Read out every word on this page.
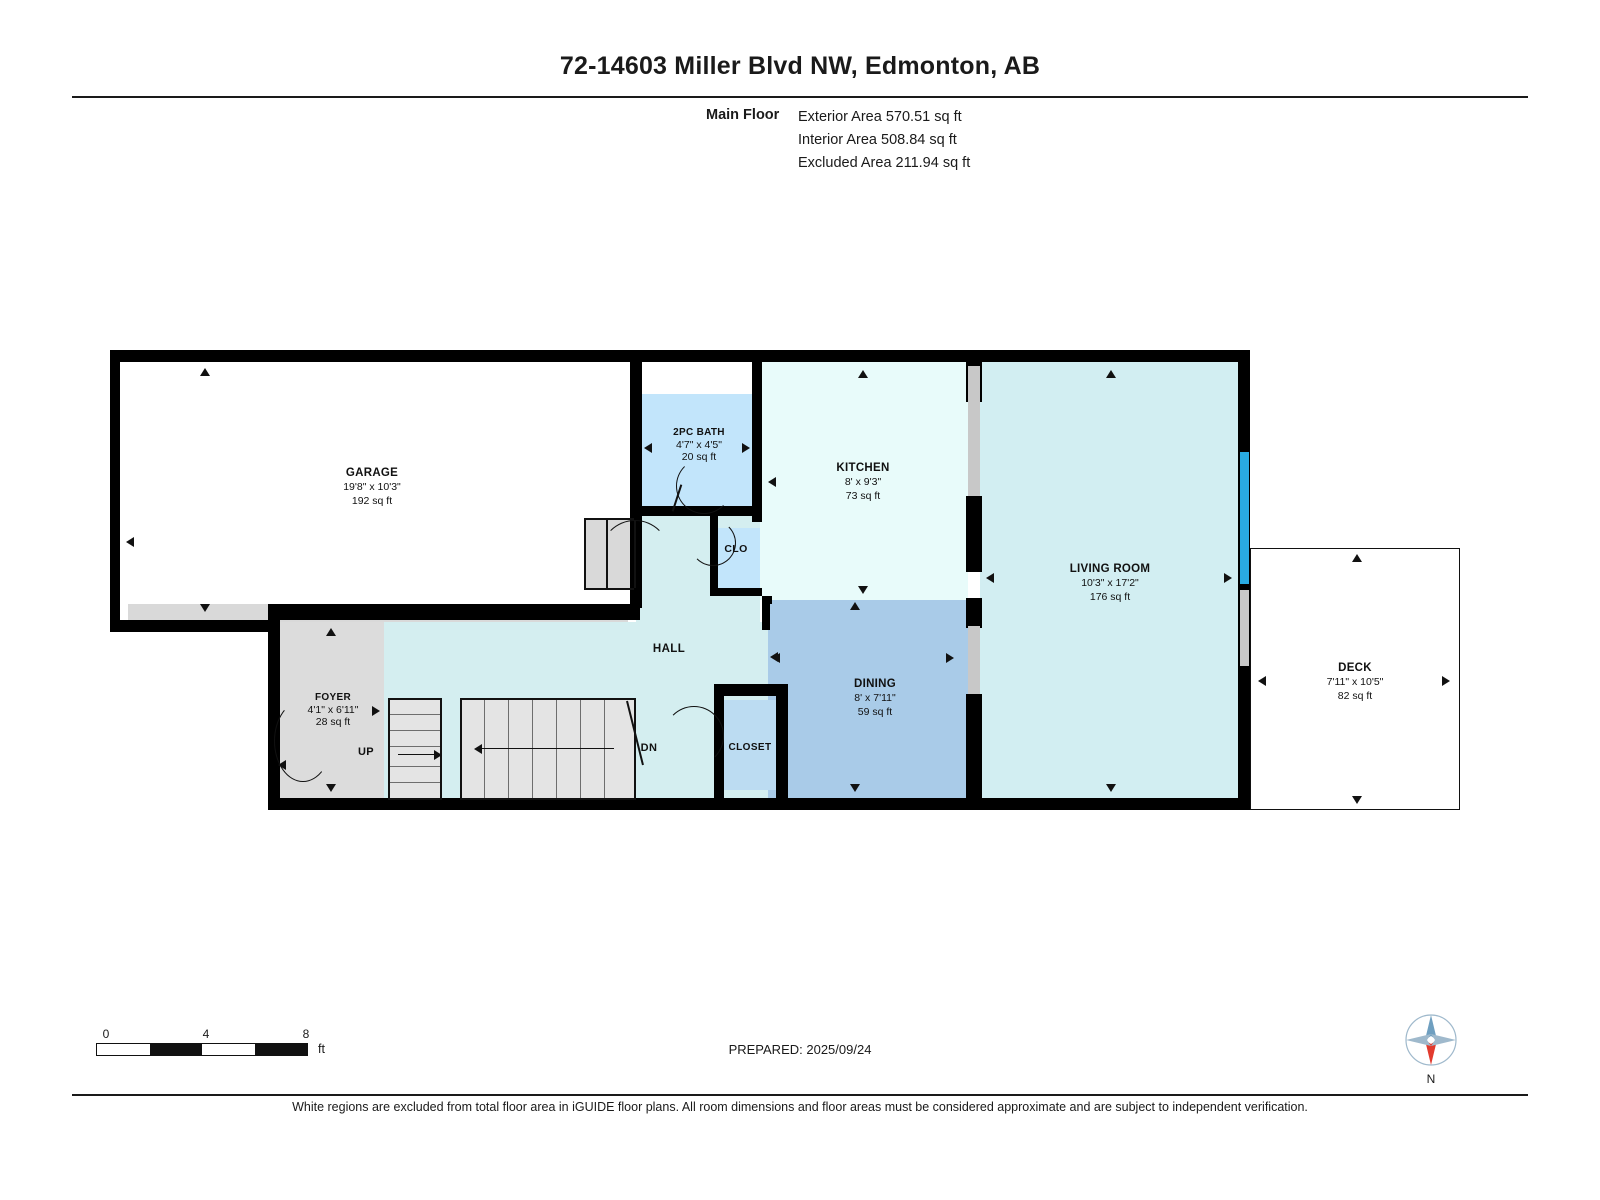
72-14603 Miller Blvd NW, Edmonton, AB
Main Floor	Exterior Area 570.51 sq ft
Interior Area 508.84 sq ft
Excluded Area 211.94 sq ft
GARAGE
19'8" x 10'3"
192 sq ft
2PC BATH
4'7" x 4'5"
20 sq ft
KITCHEN
8' x 9'3"
73 sq ft
LIVING ROOM
10'3" x 17'2"
176 sq ft
DINING
8' x 7'11"
59 sq ft
FOYER
4'1" x 6'11"
28 sq ft
DECK
7'11" x 10'5"
82 sq ft
HALL
CLO
CLOSET
UP	DN
0	4	8
ft	PREPARED: 2025/09/24
N
White regions are excluded from total floor area in iGUIDE floor plans. All room dimensions and floor areas must be considered approximate and are subject to independent verification.
